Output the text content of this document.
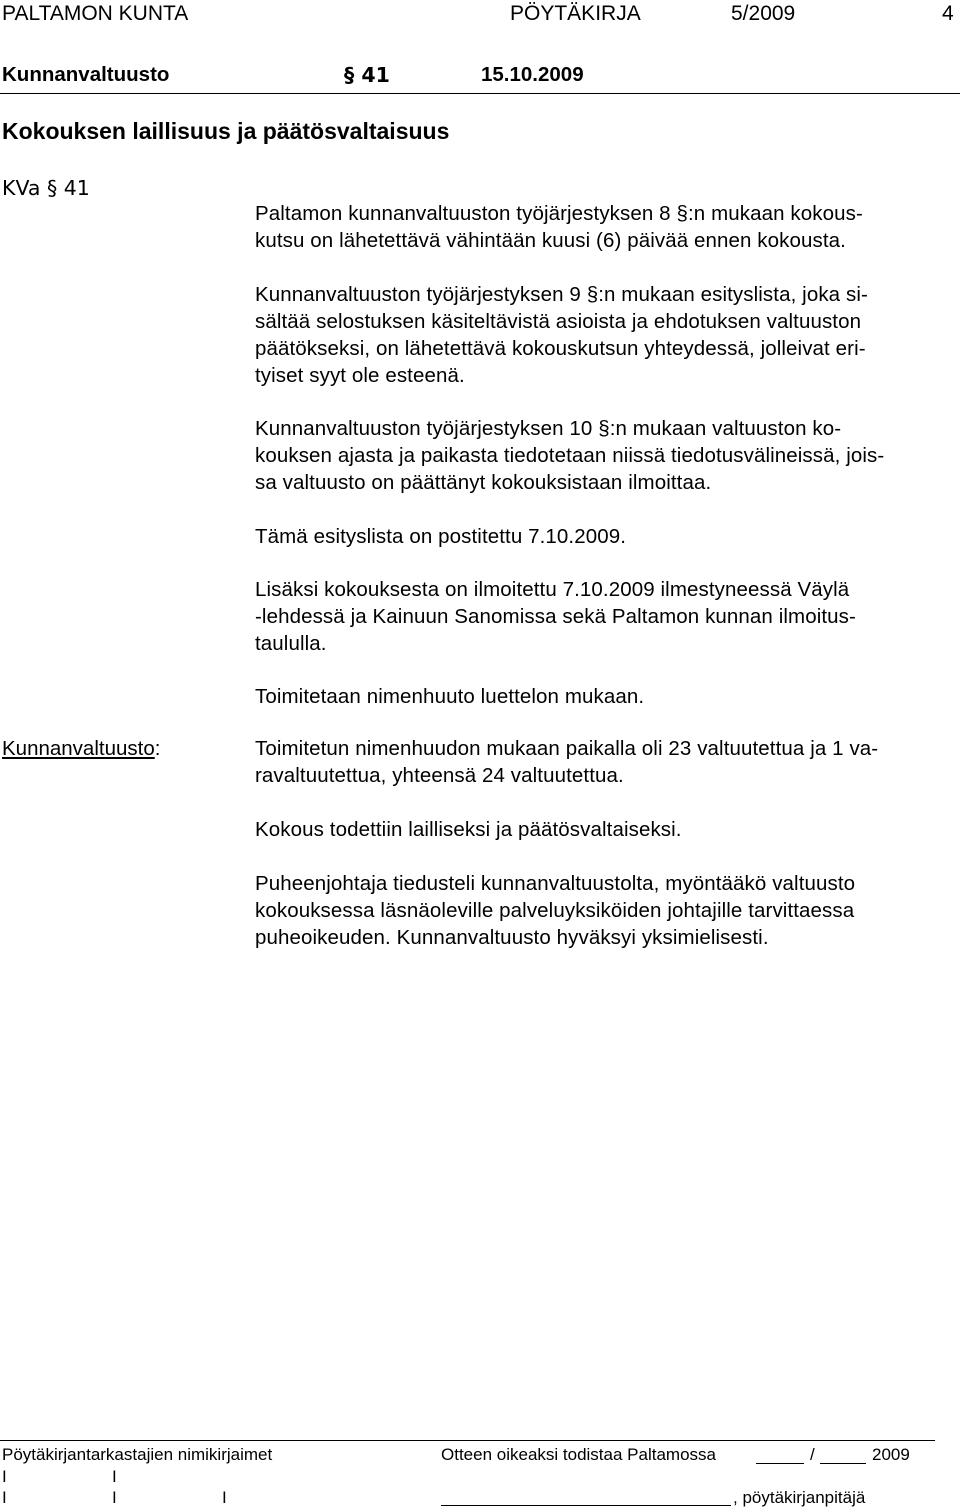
PALTAMON KUNTA	PÖYTÄKIRJA	5/2009	4
Kunnanvaltuusto	§ 41	15.10.2009
Kokouksen laillisuus ja päätösvaltaisuus
KVa § 41
Paltamon kunnanvaltuuston työjärjestyksen 8 §:n mukaan kokous-
kutsu on lähetettävä vähintään kuusi (6) päivää ennen kokousta.
Kunnanvaltuuston työjärjestyksen 9 §:n mukaan esityslista, joka si-
sältää selostuksen käsiteltävistä asioista ja ehdotuksen valtuuston
päätökseksi, on lähetettävä kokouskutsun yhteydessä, jolleivat eri-
tyiset syyt ole esteenä.
Kunnanvaltuuston työjärjestyksen 10 §:n mukaan valtuuston ko-
kouksen ajasta ja paikasta tiedotetaan niissä tiedotusvälineissä, jois-
sa valtuusto on päättänyt kokouksistaan ilmoittaa.
Tämä esityslista on postitettu 7.10.2009.
Lisäksi kokouksesta on ilmoitettu 7.10.2009 ilmestyneessä Väylä
-lehdessä ja Kainuun Sanomissa sekä Paltamon kunnan ilmoitus-
taululla.
Toimitetaan nimenhuuto luettelon mukaan.
Kunnanvaltuusto:	Toimitetun nimenhuudon mukaan paikalla oli 23 valtuutettua ja 1 va-
ravaltuutettua, yhteensä 24 valtuutettua.
Kokous todettiin lailliseksi ja päätösvaltaiseksi.
Puheenjohtaja tiedusteli kunnanvaltuustolta, myöntääkö valtuusto
kokouksessa läsnäoleville palveluyksiköiden johtajille tarvittaessa
puheoikeuden. Kunnanvaltuusto hyväksyi yksimielisesti.
Pöytäkirjantarkastajien nimikirjaimet	Otteen oikeaksi todistaa Paltamossa	/	2009
I	I
I	I	I	, pöytäkirjanpitäjä
